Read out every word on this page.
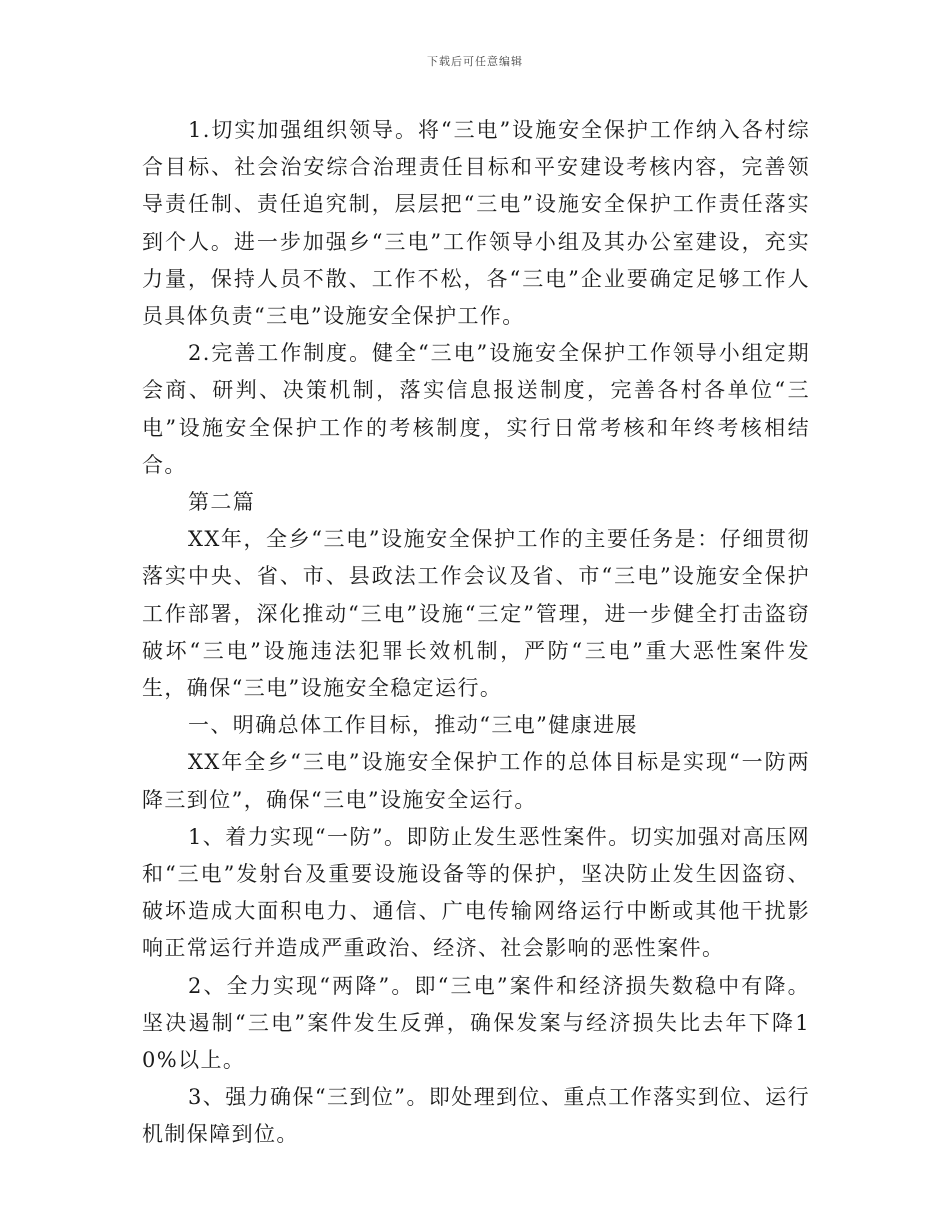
下载后可任意编辑

1.切实加强组织领导。将“三电”设施安全保护工作纳入各村综合目标、社会治安综合治理责任目标和平安建设考核内容，完善领导责任制、责任追究制，层层把“三电”设施安全保护工作责任落实到个人。进一步加强乡“三电”工作领导小组及其办公室建设，充实力量，保持人员不散、工作不松，各“三电”企业要确定足够工作人员具体负责“三电”设施安全保护工作。

2.完善工作制度。健全“三电”设施安全保护工作领导小组定期会商、研判、决策机制，落实信息报送制度，完善各村各单位“三电”设施安全保护工作的考核制度，实行日常考核和年终考核相结合。

第二篇

XX年，全乡“三电”设施安全保护工作的主要任务是：仔细贯彻落实中央、省、市、县政法工作会议及省、市“三电”设施安全保护工作部署，深化推动“三电”设施“三定”管理，进一步健全打击盗窃破坏“三电”设施违法犯罪长效机制，严防“三电”重大恶性案件发生，确保“三电”设施安全稳定运行。

一、明确总体工作目标，推动“三电”健康进展

XX年全乡“三电”设施安全保护工作的总体目标是实现“一防两降三到位”，确保“三电”设施安全运行。

1、着力实现“一防”。即防止发生恶性案件。切实加强对高压网和“三电”发射台及重要设施设备等的保护，坚决防止发生因盗窃、破坏造成大面积电力、通信、广电传输网络运行中断或其他干扰影响正常运行并造成严重政治、经济、社会影响的恶性案件。

2、全力实现“两降”。即“三电”案件和经济损失数稳中有降。坚决遏制“三电”案件发生反弹，确保发案与经济损失比去年下降10%以上。

3、强力确保“三到位”。即处理到位、重点工作落实到位、运行机制保障到位。
